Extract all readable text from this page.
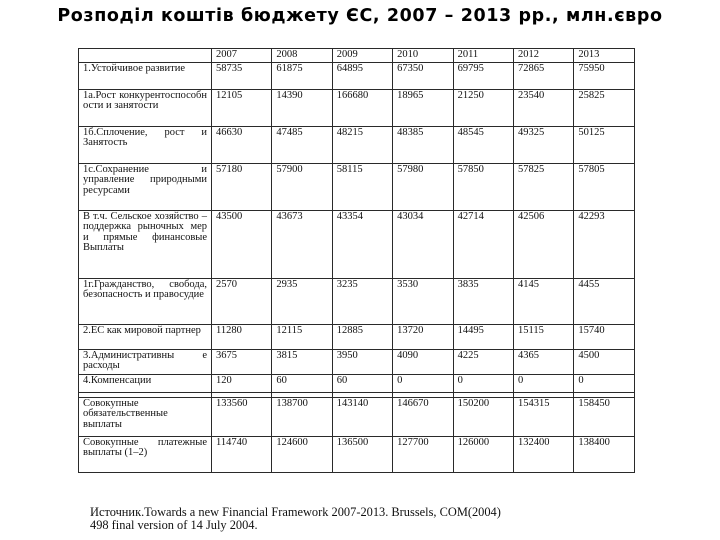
Розподіл коштів бюджету ЄС, 2007 – 2013 рр., млн.євро
	2007	2008	2009	2010	2011	2012	2013
1.Устойчивое развитие	58735	61875	64895	67350	69795	72865	75950
1а.Рост конкурентоспособн ости и занятости	12105	14390	166680	18965	21250	23540	25825
1б.Сплочение, рост и Занятость	46630	47485	48215	48385	48545	49325	50125
1с.Сохранение и управление природными ресурсами	57180	57900	58115	57980	57850	57825	57805
В т.ч. Сельское хозяйство – поддержка рыночных мер и прямые финансовые Выплаты	43500	43673	43354	43034	42714	42506	42293
1г.Гражданство, свобода, безопасность и правосудие	2570	2935	3235	3530	3835	4145	4455
2.ЕС как мировой партнер	11280	12115	12885	13720	14495	15115	15740
3.Административны е расходы	3675	3815	3950	4090	4225	4365	4500
4.Компенсации	120	60	60	0	0	0	0

Совокупные обязательственные выплаты	133560	138700	143140	146670	150200	154315	158450
Совокупные платежные выплаты (1–2)	114740	124600	136500	127700	126000	132400	138400
Источник.Towards a new Financial Framework 2007-2013. Brussels, COM(2004)
498 final version of 14 July 2004.
